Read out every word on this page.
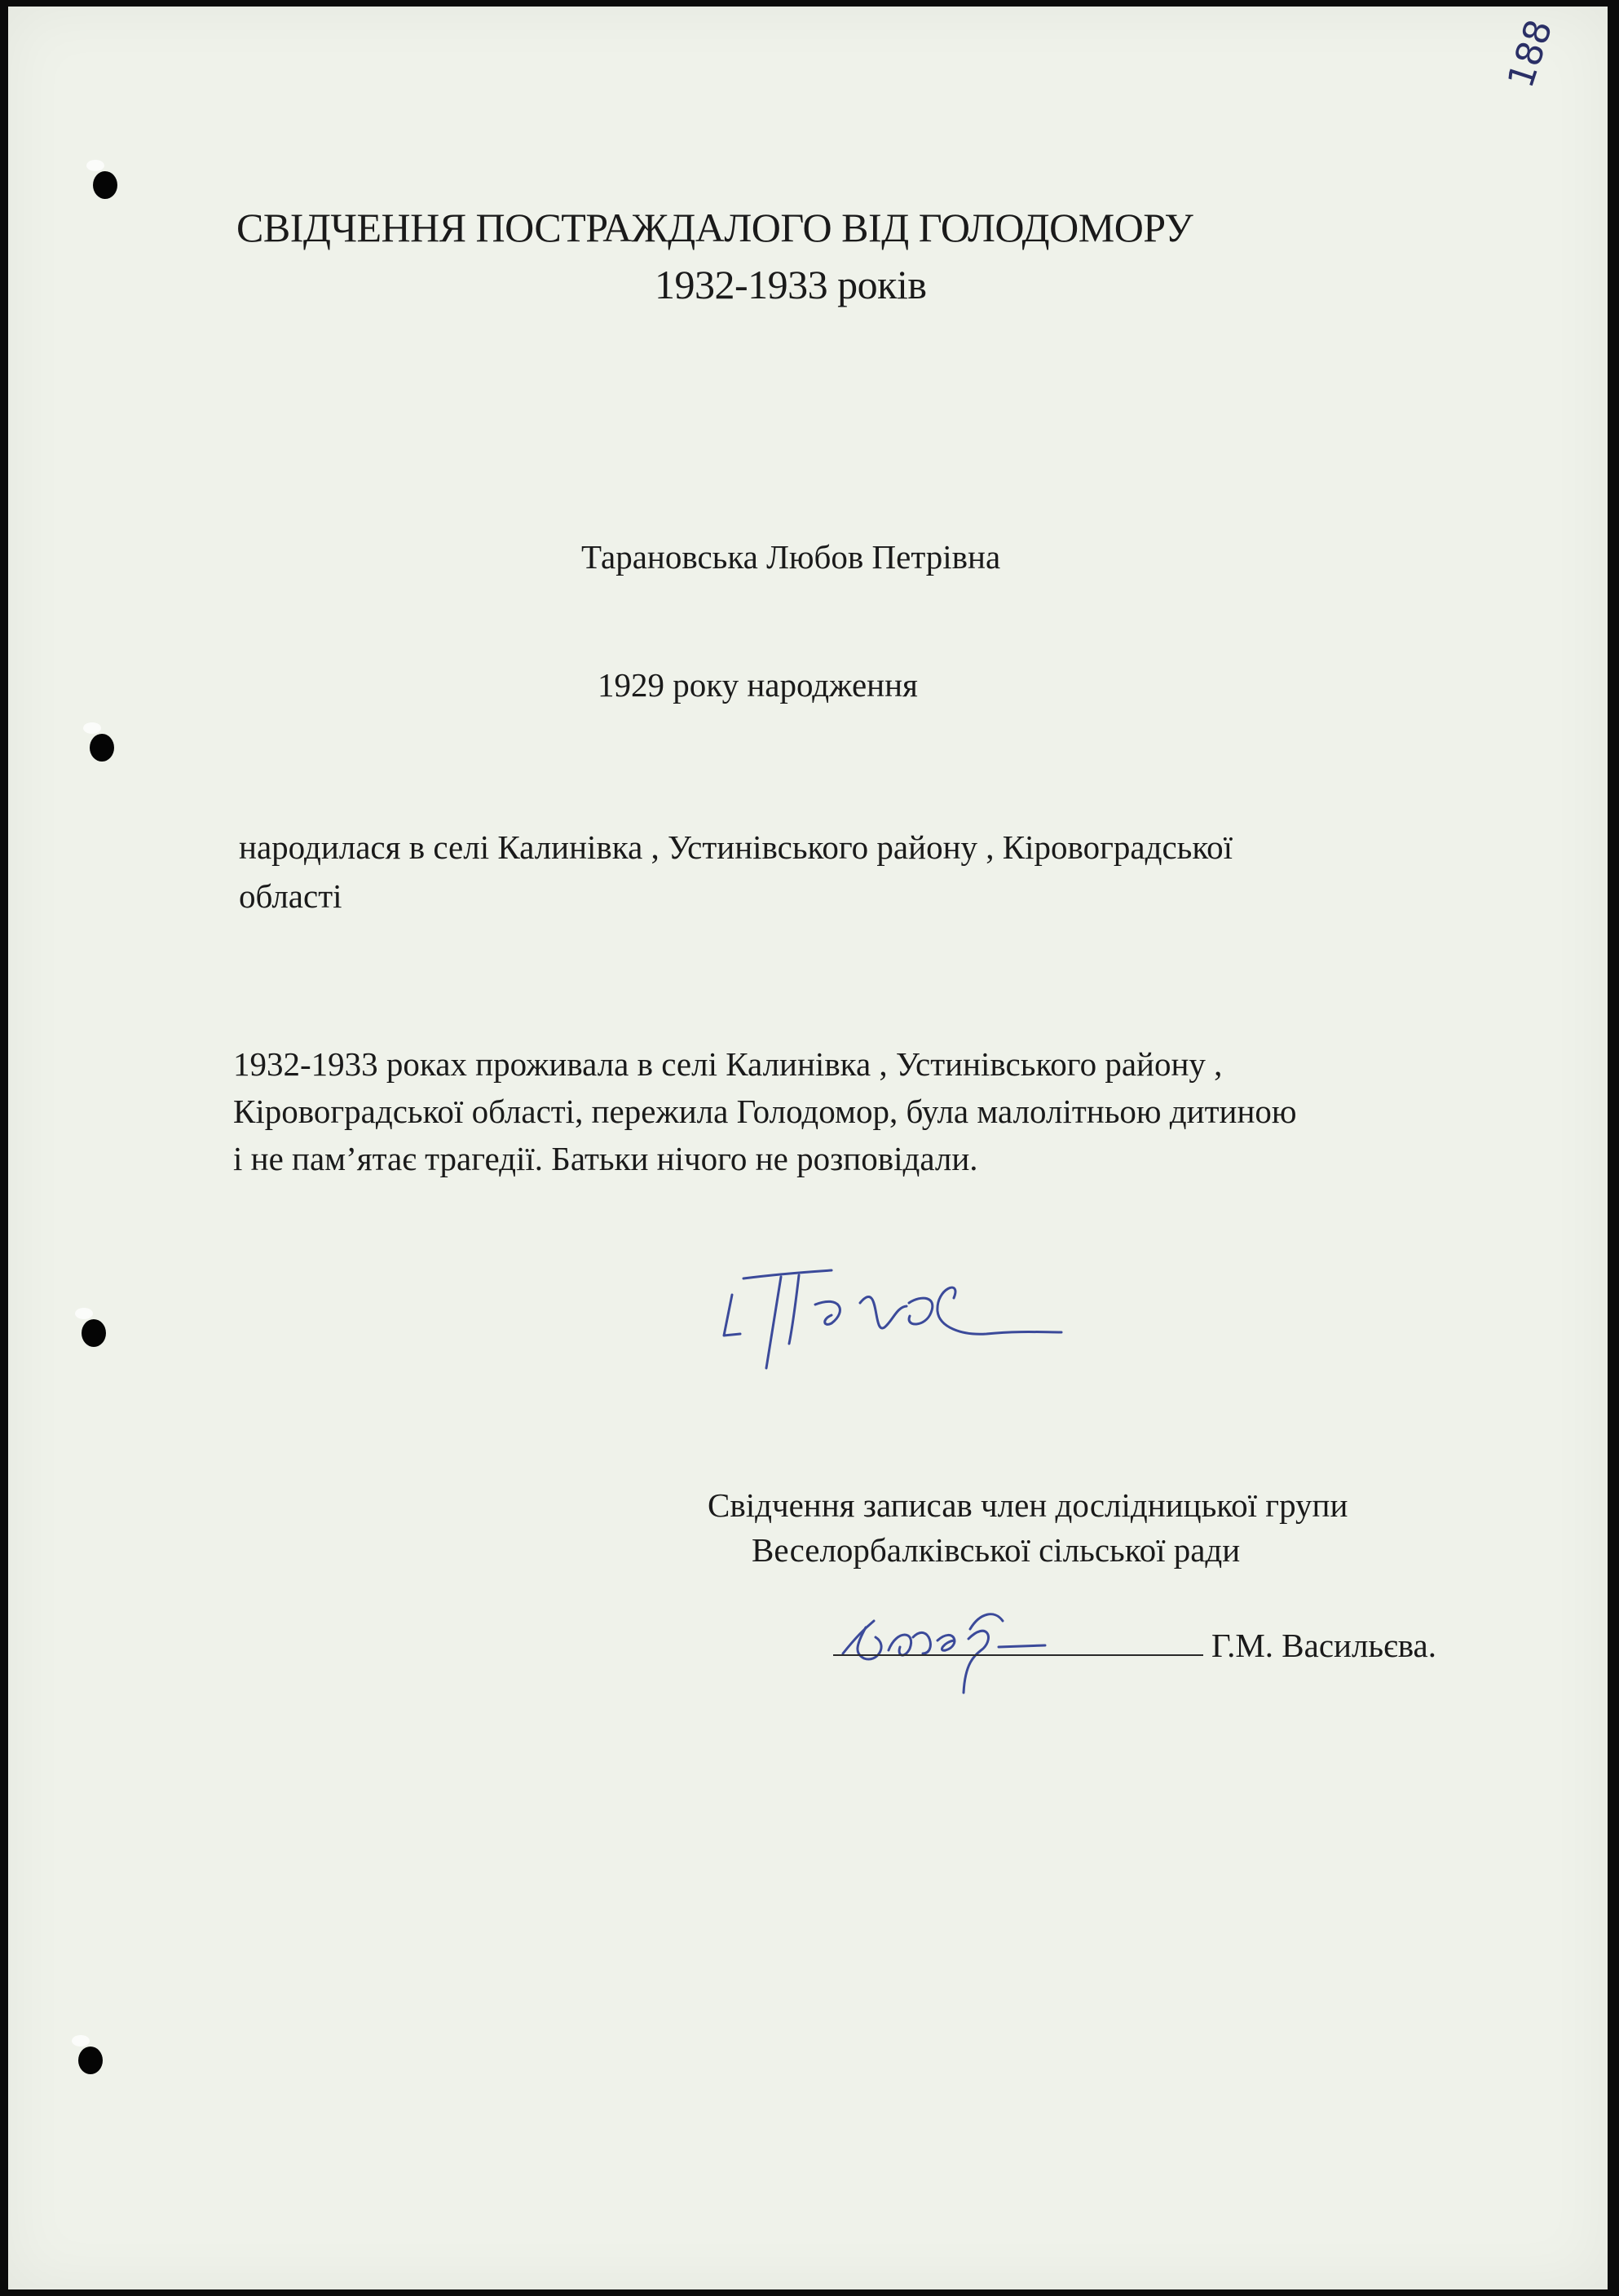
188
СВІДЧЕННЯ ПОСТРАЖДАЛОГО ВІД ГОЛОДОМОРУ
1932-1933 років
Тарановська Любов Петрівна
1929 року народження
народилася в селі Калинівка , Устинівського району , Кіровоградської
області
1932-1933 роках проживала в селі Калинівка , Устинівського району ,
Кіровоградської області, пережила Голодомор, була малолітньою дитиною
і не пам’ятає трагедії. Батьки нічого не розповідали.
Свідчення записав член дослідницької групи
Веселорбалківської сільської ради
Г.М. Васильєва.
